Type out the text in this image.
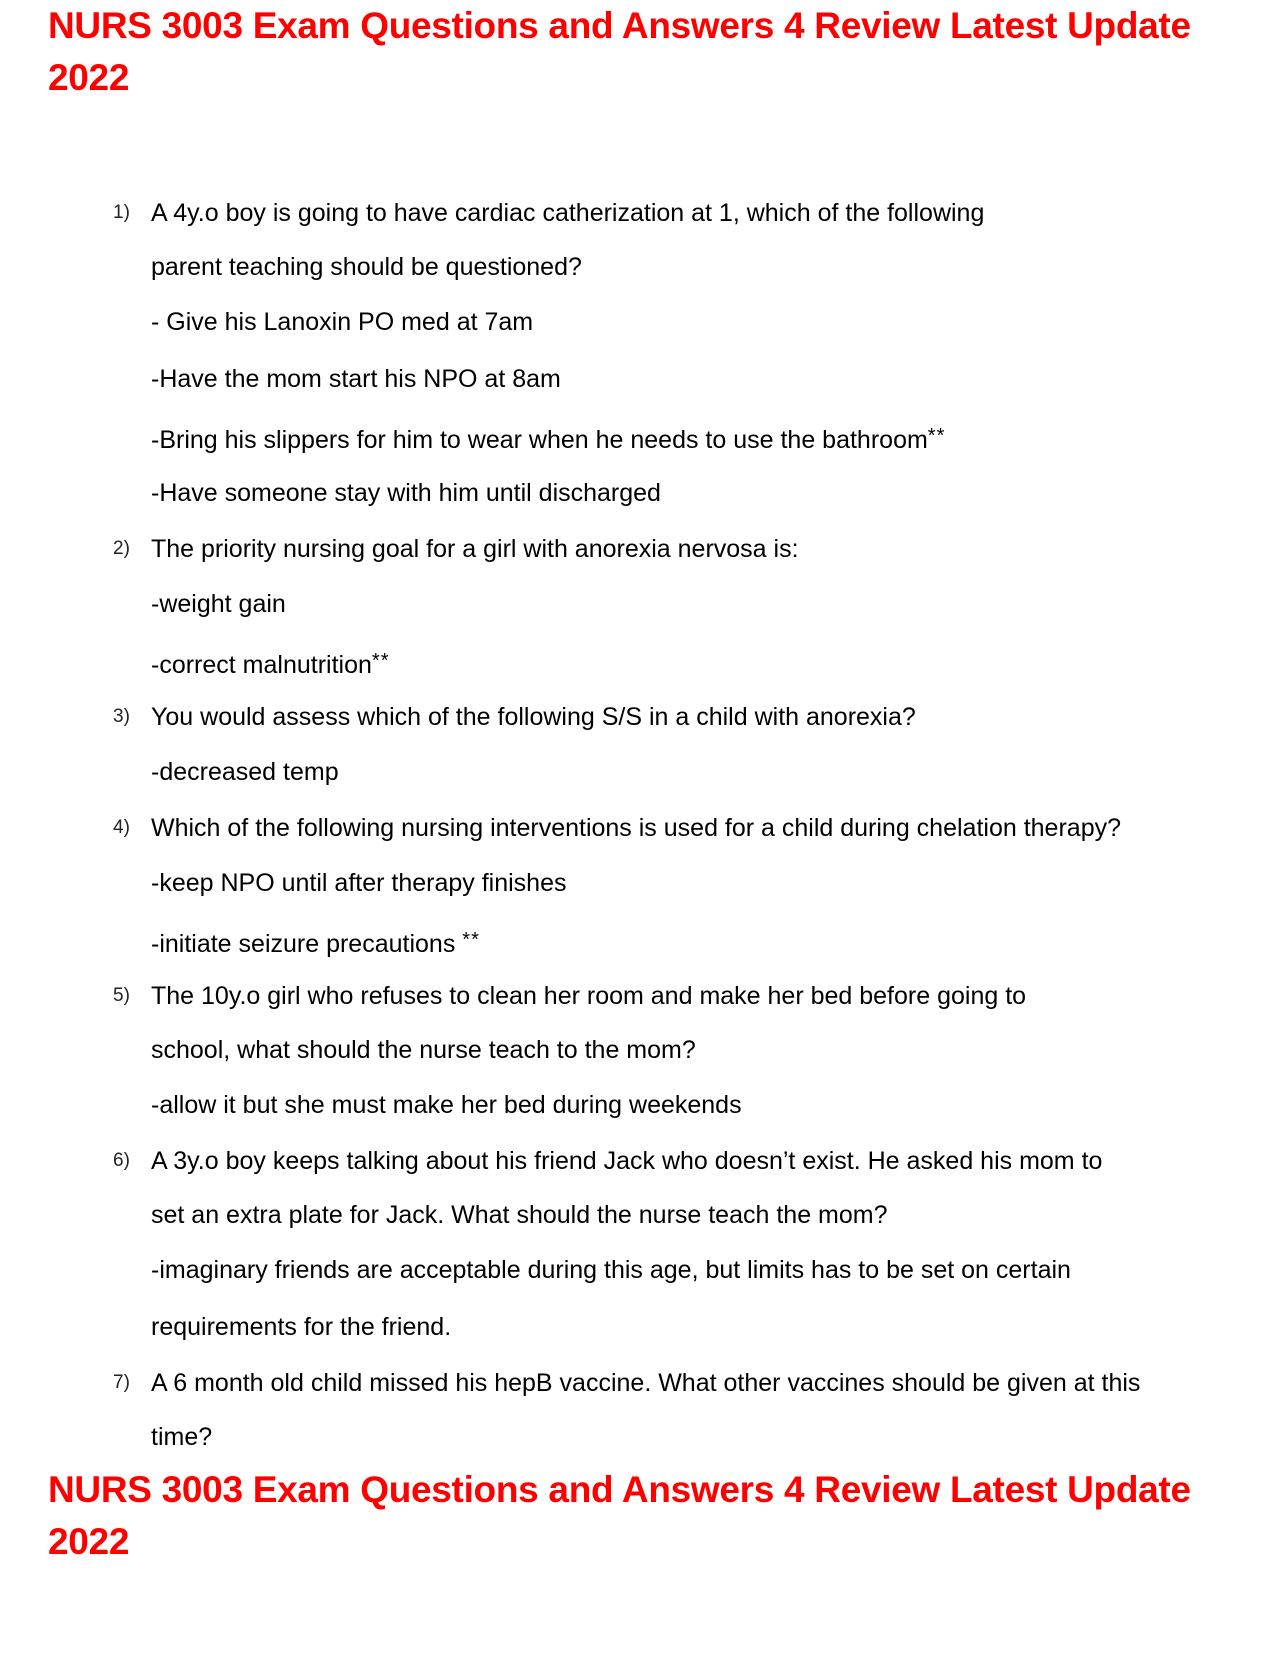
NURS 3003 Exam Questions and Answers 4 Review Latest Update 2022
1) A 4y.o boy is going to have cardiac catherization at 1, which of the following
parent teaching should be questioned?
- Give his Lanoxin PO med at 7am
-Have the mom start his NPO at 8am
-Bring his slippers for him to wear when he needs to use the bathroom**
-Have someone stay with him until discharged
2) The priority nursing goal for a girl with anorexia nervosa is:
-weight gain
-correct malnutrition**
3) You would assess which of the following S/S in a child with anorexia?
-decreased temp
4) Which of the following nursing interventions is used for a child during chelation therapy?
-keep NPO until after therapy finishes
-initiate seizure precautions **
5) The 10y.o girl who refuses to clean her room and make her bed before going to
school, what should the nurse teach to the mom?
-allow it but she must make her bed during weekends
6) A 3y.o boy keeps talking about his friend Jack who doesn’t exist. He asked his mom to
set an extra plate for Jack. What should the nurse teach the mom?
-imaginary friends are acceptable during this age, but limits has to be set on certain
requirements for the friend.
7) A 6 month old child missed his hepB vaccine. What other vaccines should be given at this
time?
NURS 3003 Exam Questions and Answers 4 Review Latest Update 2022
